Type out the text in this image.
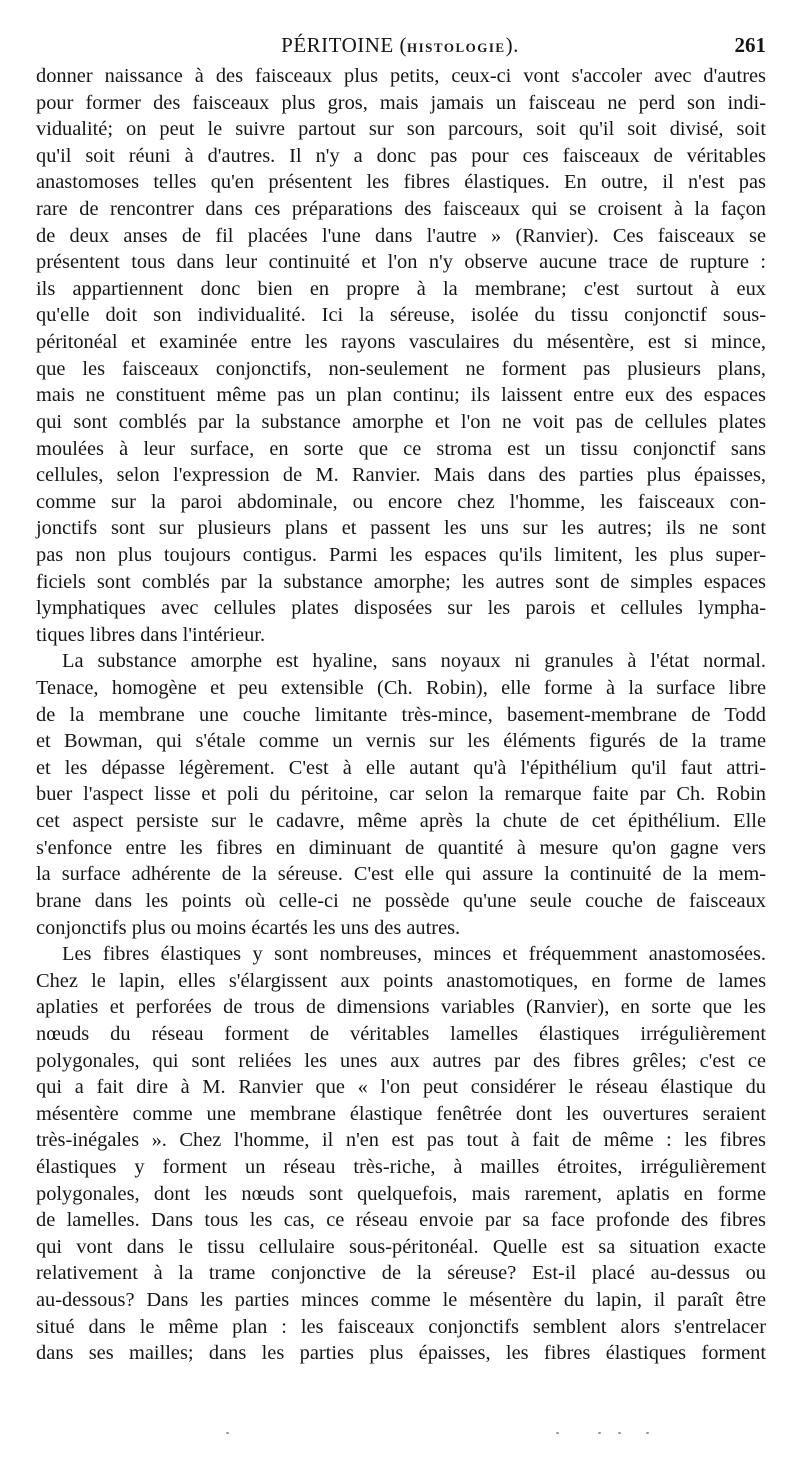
PÉRITOINE (HISTOLOGIE).	261
donner naissance à des faisceaux plus petits, ceux-ci vont s'accoler avec d'autres
pour former des faisceaux plus gros, mais jamais un faisceau ne perd son indi-
vidualité; on peut le suivre partout sur son parcours, soit qu'il soit divisé, soit
qu'il soit réuni à d'autres. Il n'y a donc pas pour ces faisceaux de véritables
anastomoses telles qu'en présentent les fibres élastiques. En outre, il n'est pas
rare de rencontrer dans ces préparations des faisceaux qui se croisent à la façon
de deux anses de fil placées l'une dans l'autre » (Ranvier). Ces faisceaux se
présentent tous dans leur continuité et l'on n'y observe aucune trace de rupture :
ils appartiennent donc bien en propre à la membrane; c'est surtout à eux
qu'elle doit son individualité. Ici la séreuse, isolée du tissu conjonctif sous-
péritonéal et examinée entre les rayons vasculaires du mésentère, est si mince,
que les faisceaux conjonctifs, non-seulement ne forment pas plusieurs plans,
mais ne constituent même pas un plan continu; ils laissent entre eux des espaces
qui sont comblés par la substance amorphe et l'on ne voit pas de cellules plates
moulées à leur surface, en sorte que ce stroma est un tissu conjonctif sans
cellules, selon l'expression de M. Ranvier. Mais dans des parties plus épaisses,
comme sur la paroi abdominale, ou encore chez l'homme, les faisceaux con-
jonctifs sont sur plusieurs plans et passent les uns sur les autres; ils ne sont
pas non plus toujours contigus. Parmi les espaces qu'ils limitent, les plus super-
ficiels sont comblés par la substance amorphe; les autres sont de simples espaces
lymphatiques avec cellules plates disposées sur les parois et cellules lympha-
tiques libres dans l'intérieur.
La substance amorphe est hyaline, sans noyaux ni granules à l'état normal.
Tenace, homogène et peu extensible (Ch. Robin), elle forme à la surface libre
de la membrane une couche limitante très-mince, basement-membrane de Todd
et Bowman, qui s'étale comme un vernis sur les éléments figurés de la trame
et les dépasse légèrement. C'est à elle autant qu'à l'épithélium qu'il faut attri-
buer l'aspect lisse et poli du péritoine, car selon la remarque faite par Ch. Robin
cet aspect persiste sur le cadavre, même après la chute de cet épithélium. Elle
s'enfonce entre les fibres en diminuant de quantité à mesure qu'on gagne vers
la surface adhérente de la séreuse. C'est elle qui assure la continuité de la mem-
brane dans les points où celle-ci ne possède qu'une seule couche de faisceaux
conjonctifs plus ou moins écartés les uns des autres.
Les fibres élastiques y sont nombreuses, minces et fréquemment anastomosées.
Chez le lapin, elles s'élargissent aux points anastomotiques, en forme de lames
aplaties et perforées de trous de dimensions variables (Ranvier), en sorte que les
nœuds du réseau forment de véritables lamelles élastiques irrégulièrement
polygonales, qui sont reliées les unes aux autres par des fibres grêles; c'est ce
qui a fait dire à M. Ranvier que « l'on peut considérer le réseau élastique du
mésentère comme une membrane élastique fenêtrée dont les ouvertures seraient
très-inégales ». Chez l'homme, il n'en est pas tout à fait de même : les fibres
élastiques y forment un réseau très-riche, à mailles étroites, irrégulièrement
polygonales, dont les nœuds sont quelquefois, mais rarement, aplatis en forme
de lamelles. Dans tous les cas, ce réseau envoie par sa face profonde des fibres
qui vont dans le tissu cellulaire sous-péritonéal. Quelle est sa situation exacte
relativement à la trame conjonctive de la séreuse? Est-il placé au-dessus ou
au-dessous? Dans les parties minces comme le mésentère du lapin, il paraît être
situé dans le même plan : les faisceaux conjonctifs semblent alors s'entrelacer
dans ses mailles; dans les parties plus épaisses, les fibres élastiques forment
